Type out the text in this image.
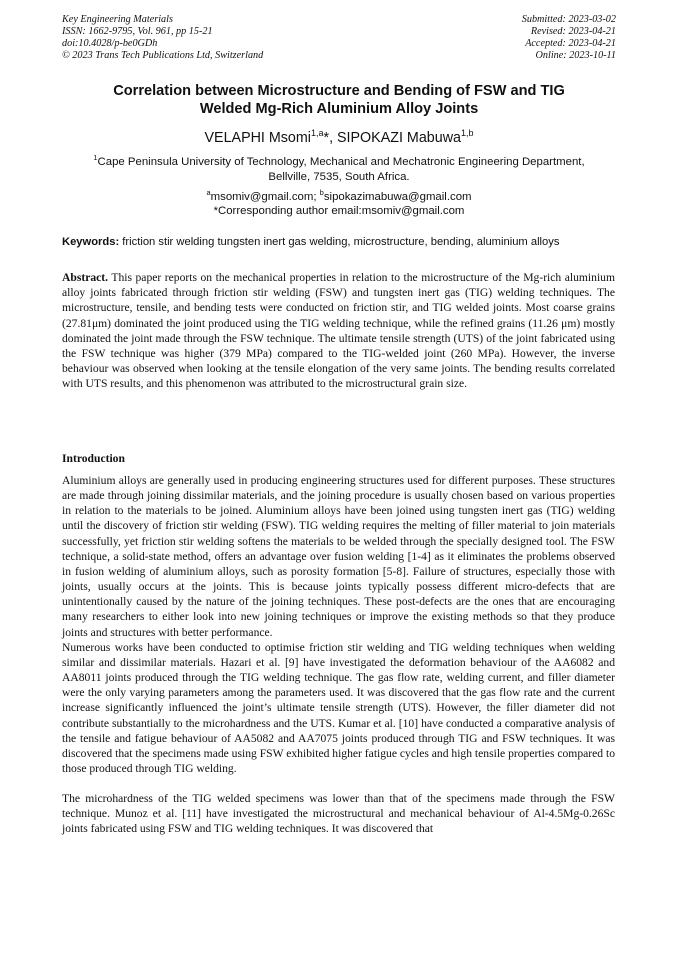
Key Engineering Materials
ISSN: 1662-9795, Vol. 961, pp 15-21
doi:10.4028/p-be0GDh
© 2023 Trans Tech Publications Ltd, Switzerland
Submitted: 2023-03-02
Revised: 2023-04-21
Accepted: 2023-04-21
Online: 2023-10-11
Correlation between Microstructure and Bending of FSW and TIG
Welded Mg-Rich Aluminium Alloy Joints
VELAPHI Msomi$^{1,a}$*, SIPOKAZI Mabuwa$^{1,b}$
$^1$Cape Peninsula University of Technology, Mechanical and Mechatronic Engineering Department,
Bellville, 7535, South Africa.
$^a$msomiv@gmail.com; $^b$sipokazimabuwa@gmail.com
*Corresponding author email:msomiv@gmail.com
Keywords: friction stir welding tungsten inert gas welding, microstructure, bending, aluminium alloys
Abstract. This paper reports on the mechanical properties in relation to the microstructure of the Mg-rich aluminium alloy joints fabricated through friction stir welding (FSW) and tungsten inert gas (TIG) welding techniques. The microstructure, tensile, and bending tests were conducted on friction stir, and TIG welded joints. Most coarse grains (27.81μm) dominated the joint produced using the TIG welding technique, while the refined grains (11.26 μm) mostly dominated the joint made through the FSW technique. The ultimate tensile strength (UTS) of the joint fabricated using the FSW technique was higher (379 MPa) compared to the TIG-welded joint (260 MPa). However, the inverse behaviour was observed when looking at the tensile elongation of the very same joints. The bending results correlated with UTS results, and this phenomenon was attributed to the microstructural grain size.
Introduction

Aluminium alloys are generally used in producing engineering structures used for different purposes. These structures are made through joining dissimilar materials, and the joining procedure is usually chosen based on various properties in relation to the materials to be joined. Aluminium alloys have been joined using tungsten inert gas (TIG) welding until the discovery of friction stir welding (FSW). TIG welding requires the melting of filler material to join materials successfully, yet friction stir welding softens the materials to be welded through the specially designed tool. The FSW technique, a solid-state method, offers an advantage over fusion welding [1-4] as it eliminates the problems observed in fusion welding of aluminium alloys, such as porosity formation [5-8]. Failure of structures, especially those with joints, usually occurs at the joints. This is because joints typically possess different micro-defects that are unintentionally caused by the nature of the joining techniques. These post-defects are the ones that are encouraging many researchers to either look into new joining techniques or improve the existing methods so that they produce joints and structures with better performance.

Numerous works have been conducted to optimise friction stir welding and TIG welding techniques when welding similar and dissimilar materials. Hazari et al. [9] have investigated the deformation behaviour of the AA6082 and AA8011 joints produced through the TIG welding technique. The gas flow rate, welding current, and filler diameter were the only varying parameters among the parameters used. It was discovered that the gas flow rate and the current increase significantly influenced the joint’s ultimate tensile strength (UTS). However, the filler diameter did not contribute substantially to the microhardness and the UTS. Kumar et al. [10] have conducted a comparative analysis of the tensile and fatigue behaviour of AA5082 and AA7075 joints produced through TIG and FSW techniques. It was discovered that the specimens made using FSW exhibited higher fatigue cycles and high tensile properties compared to those produced through TIG welding.

The microhardness of the TIG welded specimens was lower than that of the specimens made through the FSW technique. Munoz et al. [11] have investigated the microstructural and mechanical behaviour of Al-4.5Mg-0.26Sc joints fabricated using FSW and TIG welding techniques. It was discovered that
